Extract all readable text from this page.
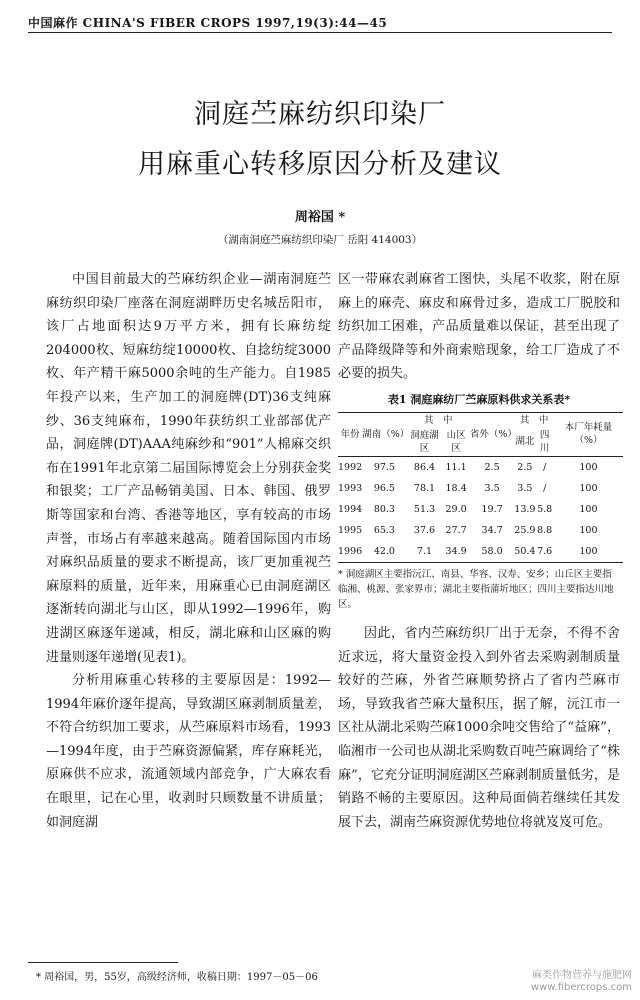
中国麻作 CHINA'S FIBER CROPS 1997,19(3):44—45
洞庭苎麻纺织印染厂
用麻重心转移原因分析及建议
周裕国 *
（湖南洞庭苎麻纺织印染厂 岳阳 414003）

中国目前最大的苎麻纺织企业—湖南洞庭苎麻纺织印染厂座落在洞庭湖畔历史名城岳阳市，该厂占地面积达9万平方米，拥有长麻纺绽204000枚、短麻纺绽10000枚、自捻纺绽3000枚、年产精干麻5000余吨的生产能力。自1985年投产以来，生产加工的洞庭牌(DT)36支纯麻纱、36支纯麻布，1990年获纺织工业部部优产品，洞庭牌(DT)AAA纯麻纱和“901”人棉麻交织布在1991年北京第二届国际博览会上分别获金奖和银奖；工厂产品畅销美国、日本、韩国、俄罗斯等国家和台湾、香港等地区，享有较高的市场声誉，市场占有率越来越高。随着国际国内市场对麻织品质量的要求不断提高，该厂更加重视苎麻原料的质量，近年来，用麻重心已由洞庭湖区逐渐转向湖北与山区，即从1992—1996年，购进湖区麻逐年递减，相反，湖北麻和山区麻的购进量则逐年递增(见表1)。

分析用麻重心转移的主要原因是：1992—1994年麻价逐年提高，导致湖区麻剥制质量差，不符合纺织加工要求，从苎麻原料市场看，1993—1994年度，由于苎麻资源偏紧，库存麻耗光，原麻供不应求，流通领域内部竞争，广大麻农看在眼里，记在心里，收剥时只顾数量不讲质量；如洞庭湖

区一带麻农剥麻省工图快，头尾不收浆，附在原麻上的麻壳、麻皮和麻骨过多，造成工厂脱胶和纺织加工困难，产品质量难以保证，甚至出现了产品降级降等和外商索赔现象，给工厂造成了不必要的损失。

表1 洞庭麻纺厂苎麻原料供求关系表*
年份	湖南（%）	其　中		省外（%）	其　中		本厂年耗量（%）
		洞庭湖区	山区区		湖北	四川	
1992	97.5	86.4	11.1	2.5	2.5	/	100
1993	96.5	78.1	18.4	3.5	3.5	/	100
1994	80.3	51.3	29.0	19.7	13.9	5.8	100
1995	65.3	37.6	27.7	34.7	25.9	8.8	100
1996	42.0	7.1	34.9	58.0	50.4	7.6	100
* 洞庭湖区主要指沅江、南县、华容、汉寿、安乡；山丘区主要指临湘、桃源、张家界市；湖北主要指蒲圻地区；四川主要指达川地区。

因此，省内苎麻纺织厂出于无奈，不得不舍近求远，将大量资金投入到外省去采购剥制质量较好的苎麻，外省苎麻顺势挤占了省内苎麻市场，导致我省苎麻大量积压，据了解，沅江市一区社从湖北采购苎麻1000余吨交售给了“益麻”，临湘市一公司也从湖北采购数百吨苎麻调给了“株麻”，它充分证明洞庭湖区苎麻剥制质量低劣，是销路不畅的主要原因。这种局面倘若继续任其发展下去，湖南苎麻资源优势地位将就岌岌可危。

* 周裕国，男，55岁，高级经济师，收稿日期：1997－05－06	麻类作物营养与施肥网
www.fibercrops.com
